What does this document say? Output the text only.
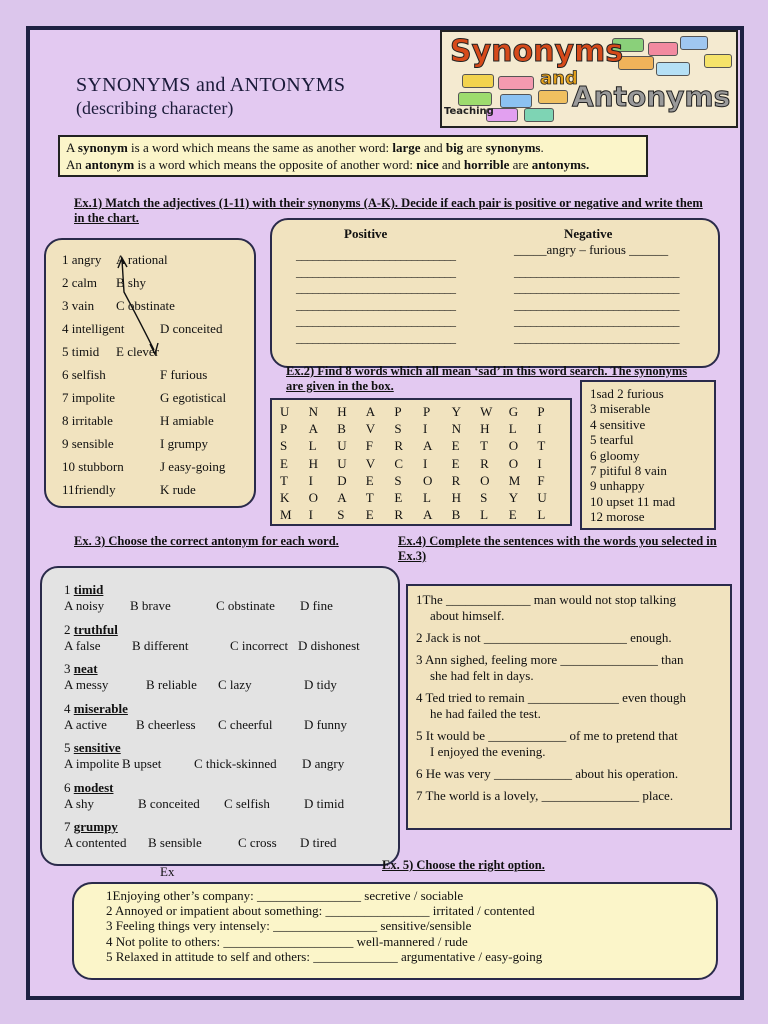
SYNONYMS and ANTONYMS
(describing character)
Synonyms
and
Antonyms
Teaching
A synonym is a word which means the same as another word: large and big are synonyms.
An antonym is a word which means the opposite of another word: nice and horrible are antonyms.
Ex.1) Match the adjectives (1-11) with their synonyms (A-K). Decide if each pair is positive or negative and write them in the chart.
1 angry A rational
2 calm B shy
3 vain C obstinate
4 intelligent	D conceited
5 timid E clever
6 selfish	F furious
7 impolite	G egotistical
8 irritable	H amiable
9 sensible	I grumpy
10 stubborn	J easy-going
11friendly	K rude
Positive	Negative
_____________________________	_____angry – furious ______
_____________________________	______________________________
_____________________________	______________________________
_____________________________	______________________________
_____________________________	______________________________
_____________________________	______________________________
Ex.2) Find 8 words which all mean ‘sad’ in this word search. The synonyms are given in the box.
U N H A P P Y W G P
P A B V S I N H L I
S L U F R A E T O T
E H U V C I E R O I
T I D E S O R O M F
K O A T E L H S Y U
M I S E R A B L E L
1sad 2 furious
3 miserable
4 sensitive
5 tearful
6 gloomy
7 pitiful 8 vain
9 unhappy
10 upset 11 mad
12 morose
Ex. 3) Choose the correct antonym for each word.	Ex.4) Complete the sentences with the words you selected in Ex.3)
1 timid
A noisy B brave	C obstinate D fine
2 truthful
A false B different	C incorrect D dishonest
3 neat
A messy	B reliable C lazy	D tidy
4 miserable
A active B cheerless C cheerful D funny
5 sensitive
A impolite B upset	C thick-skinned D angry
6 modest
A shy	B conceited C selfish	D timid
7 grumpy
A contented B sensible	C cross D tired
1The _____________ man would not stop talking
about himself.
2 Jack is not ______________________ enough.
3 Ann sighed, feeling more _______________ than
she had felt in days.
4 Ted tried to remain ______________ even though
he had failed the test.
5 It would be ____________ of me to pretend that
I enjoyed the evening.
6 He was very ____________ about his operation.
7 The world is a lovely, _______________ place.
Ex	Ex. 5) Choose the right option.
1Enjoying other’s company: ________________ secretive / sociable
2 Annoyed or impatient about something: ________________ irritated / contented
3 Feeling things very intensely: ________________ sensitive/sensible
4 Not polite to others: ____________________ well-mannered / rude
5 Relaxed in attitude to self and others: _____________ argumentative / easy-going
